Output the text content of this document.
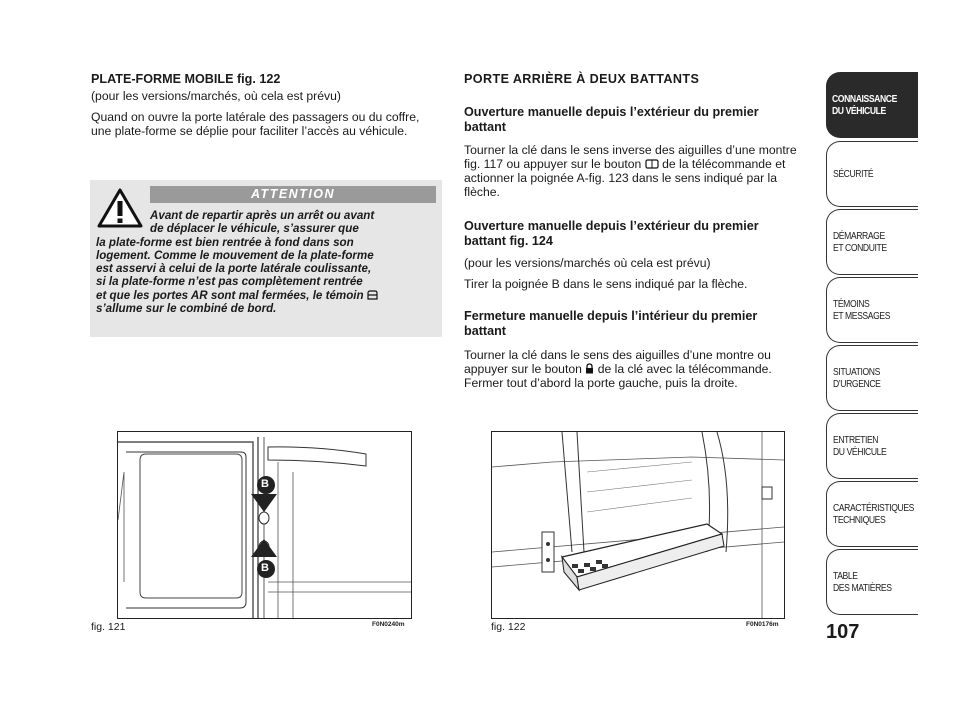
PLATE-FORME MOBILE fig. 122

(pour les versions/marchés, où cela est prévu)

Quand on ouvre la porte latérale des passagers ou du coffre, une plate-forme se déplie pour faciliter l’accès au véhicule.

ATTENTION

Avant de repartir après un arrêt ou avant

de déplacer le véhicule, s’assurer que

la plate-forme est bien rentrée à fond dans son

logement. Comme le mouvement de la plate-forme

est asservi à celui de la porte latérale coulissante,

si la plate-forme n’est pas complètement rentrée

et que les portes AR sont mal fermées, le témoin

s’allume sur le combiné de bord.

PORTE ARRIÈRE À DEUX BATTANTS

Ouverture manuelle depuis l’extérieur du premier battant

Tourner la clé dans le sens inverse des aiguilles d’une montre fig. 117 ou appuyer sur le bouton de la télécommande et actionner la poignée A-fig. 123 dans le sens indiqué par la flèche.

Ouverture manuelle depuis l’extérieur du premier battant fig. 124

(pour les versions/marchés où cela est prévu)

Tirer la poignée B dans le sens indiqué par la flèche.

Fermeture manuelle depuis l’intérieur du premier battant

Tourner la clé dans le sens des aiguilles d’une montre ou appuyer sur le bouton de la clé avec la télécommande. Fermer tout d’abord la porte gauche, puis la droite.

B
B
fig. 121	F0N0240m	fig. 122	F0N0176m
CONNAISSANCE
DU VÉHICULE
SÉCURITÉ
DÉMARRAGE
ET CONDUITE
TÉMOINS
ET MESSAGES
SITUATIONS
D’URGENCE
ENTRETIEN
DU VÉHICULE
CARACTÉRISTIQUES
TECHNIQUES
TABLE
DES MATIÈRES
107
